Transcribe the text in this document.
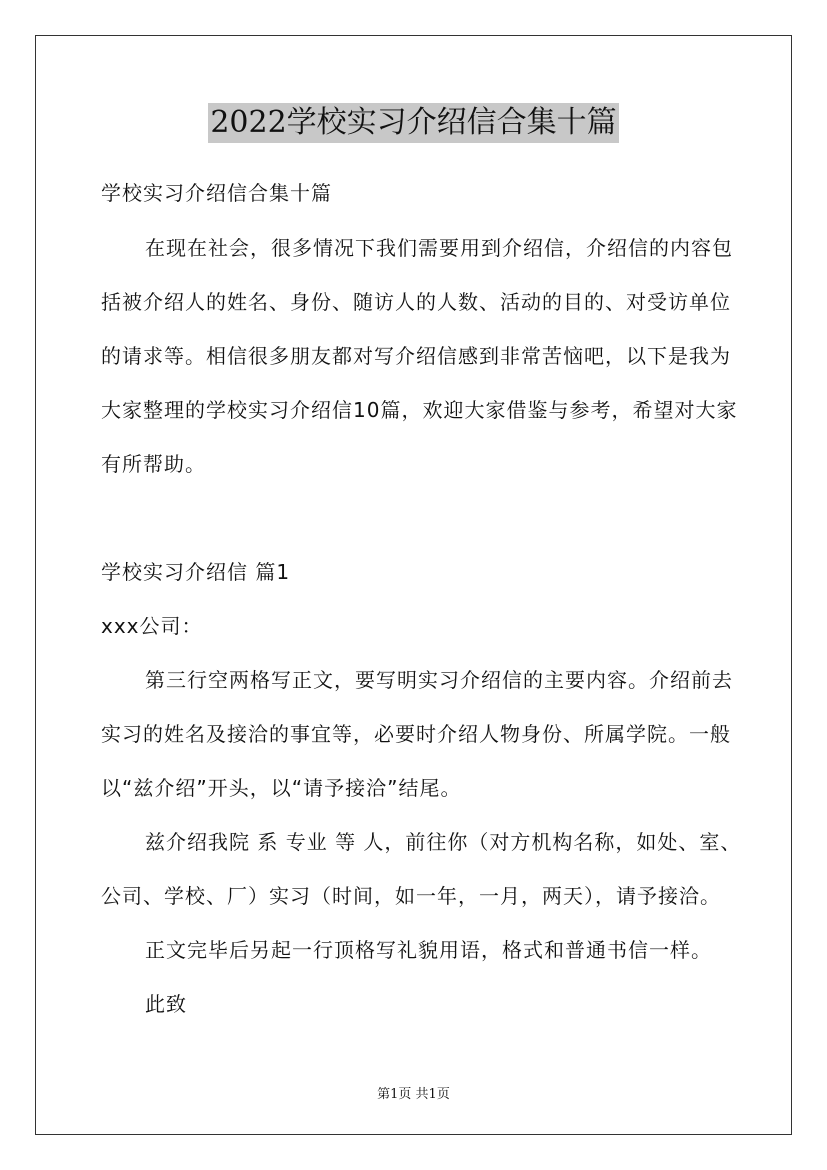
2022学校实习介绍信合集十篇
学校实习介绍信合集十篇
在现在社会，很多情况下我们需要用到介绍信，介绍信的内容包
括被介绍人的姓名、身份、随访人的人数、活动的目的、对受访单位
的请求等。相信很多朋友都对写介绍信感到非常苦恼吧，以下是我为
大家整理的学校实习介绍信10篇，欢迎大家借鉴与参考，希望对大家
有所帮助。
学校实习介绍信 篇1
xxx公司：
第三行空两格写正文，要写明实习介绍信的主要内容。介绍前去
实习的姓名及接洽的事宜等，必要时介绍人物身份、所属学院。一般
以“兹介绍”开头，以“请予接洽”结尾。
兹介绍我院 系 专业 等 人，前往你（对方机构名称，如处、室、
公司、学校、厂）实习（时间，如一年，一月，两天），请予接洽。
正文完毕后另起一行顶格写礼貌用语，格式和普通书信一样。
此致
第1页 共1页
